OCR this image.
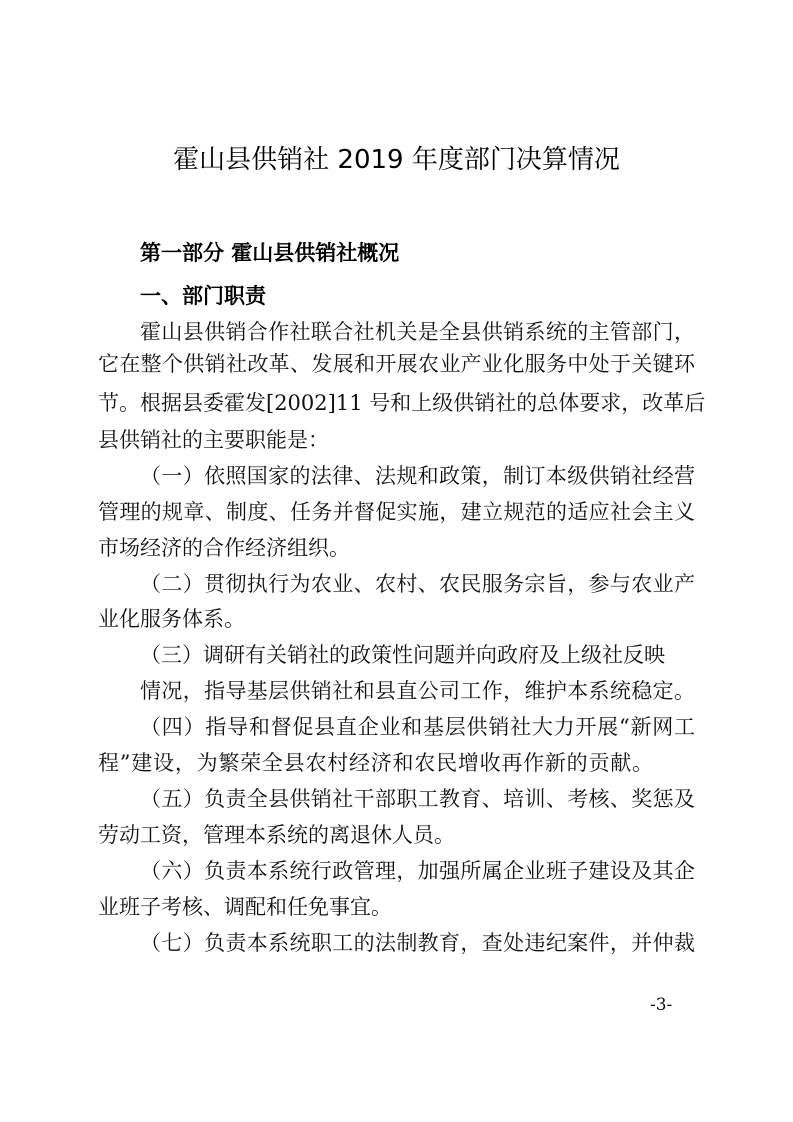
霍山县供销社 2019 年度部门决算情况
第一部分 霍山县供销社概况
一、部门职责
霍山县供销合作社联合社机关是全县供销系统的主管部门，
它在整个供销社改革、发展和开展农业产业化服务中处于关键环
节。根据县委霍发[2002]11 号和上级供销社的总体要求，改革后
县供销社的主要职能是：
（一）依照国家的法律、法规和政策，制订本级供销社经营
管理的规章、制度、任务并督促实施，建立规范的适应社会主义
市场经济的合作经济组织。
（二）贯彻执行为农业、农村、农民服务宗旨，参与农业产
业化服务体系。
（三）调研有关销社的政策性问题并向政府及上级社反映
情况，指导基层供销社和县直公司工作，维护本系统稳定。
（四）指导和督促县直企业和基层供销社大力开展“新网工
程”建设，为繁荣全县农村经济和农民增收再作新的贡献。
（五）负责全县供销社干部职工教育、培训、考核、奖惩及
劳动工资，管理本系统的离退休人员。
（六）负责本系统行政管理，加强所属企业班子建设及其企
业班子考核、调配和任免事宜。
（七）负责本系统职工的法制教育，查处违纪案件，并仲裁
-3-
